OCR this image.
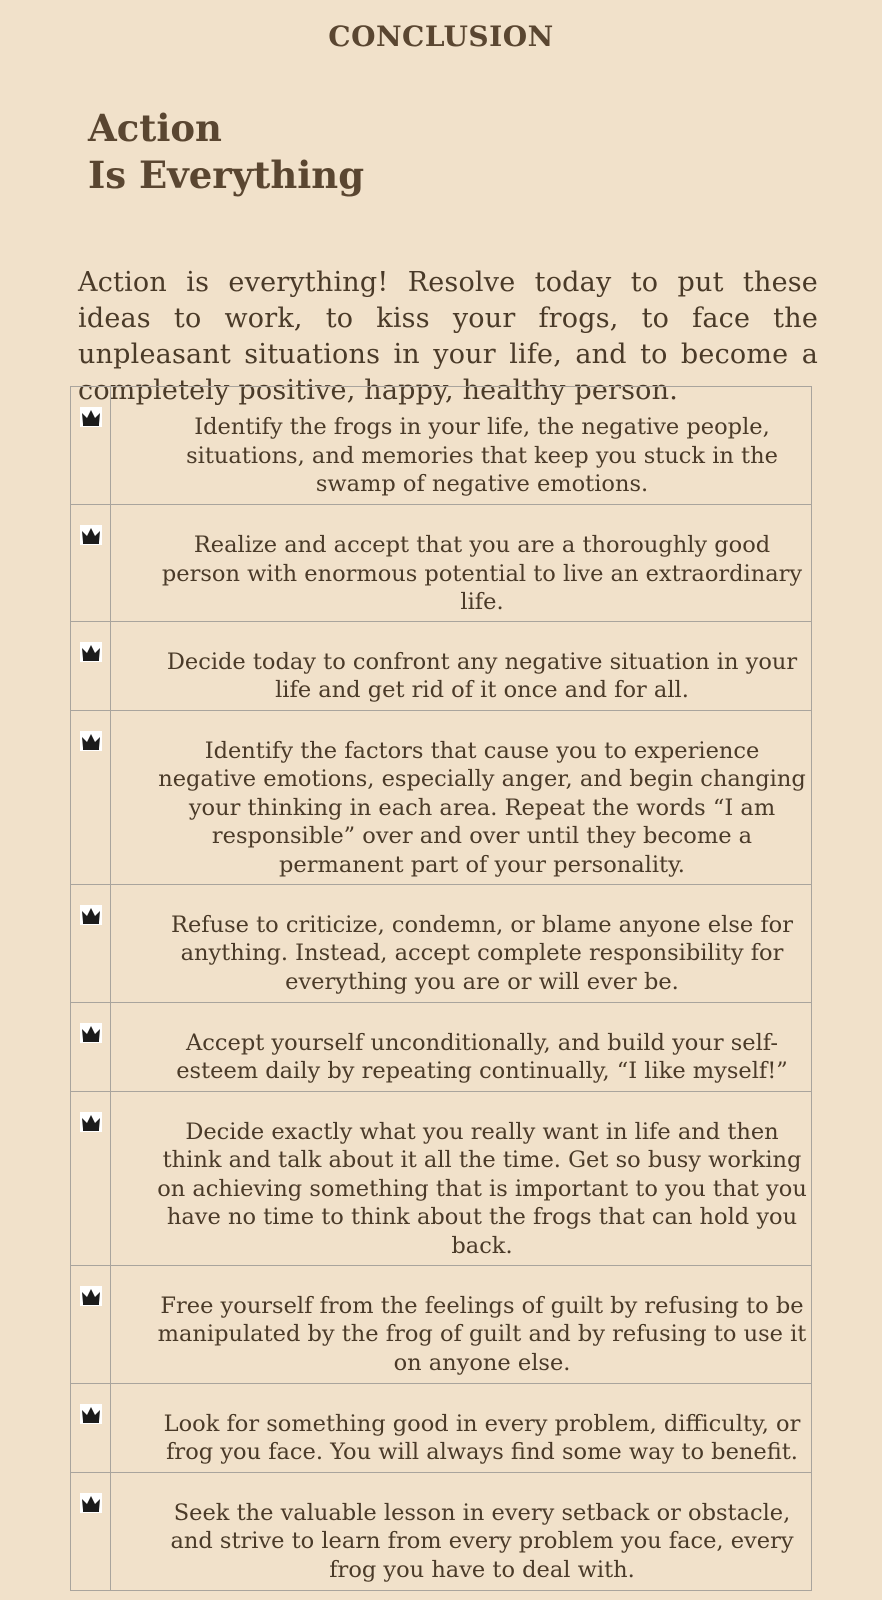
CONCLUSION
Action
Is Everything

Action is everything! Resolve today to put these ideas to work, to kiss your frogs, to face the unpleasant situations in your life, and to become a completely positive, happy, healthy person.

	Identify the frogs in your life, the negative people, situations, and memories that keep you stuck in the swamp of negative emotions.

	Realize and accept that you are a thoroughly good person with enormous potential to live an extraordinary life.

	Decide today to confront any negative situation in your life and get rid of it once and for all.

	Identify the factors that cause you to experience negative emotions, especially anger, and begin changing your thinking in each area. Repeat the words “I am responsible” over and over until they become a permanent part of your personality.

	Refuse to criticize, condemn, or blame anyone else for anything. Instead, accept complete responsibility for everything you are or will ever be.

	Accept yourself unconditionally, and build your self-esteem daily by repeating continually, “I like myself!”

	Decide exactly what you really want in life and then think and talk about it all the time. Get so busy working on achieving something that is important to you that you have no time to think about the frogs that can hold you back.

	Free yourself from the feelings of guilt by refusing to be manipulated by the frog of guilt and by refusing to use it on anyone else.

	Look for something good in every problem, difficulty, or frog you face. You will always find some way to benefit.

	Seek the valuable lesson in every setback or obstacle, and strive to learn from every problem you face, every frog you have to deal with.
